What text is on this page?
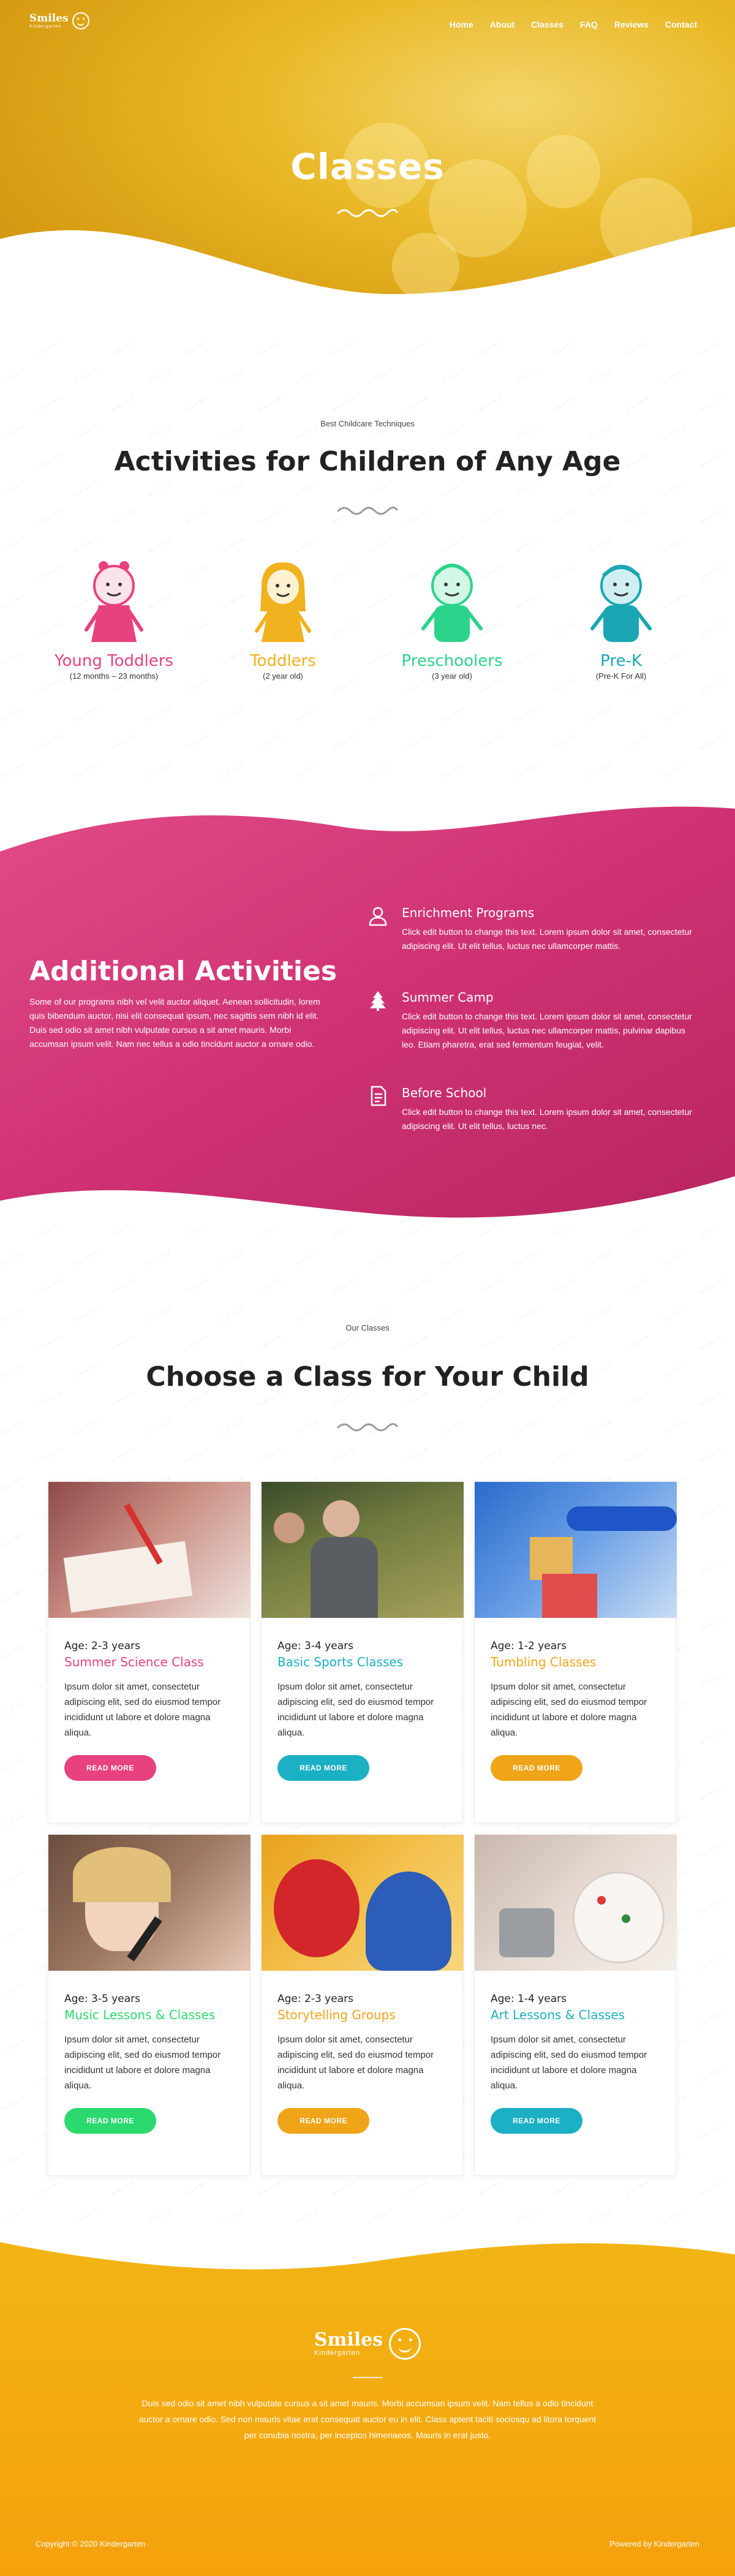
Smiles
Kindergarten	Home About Classes FAQ Reviews Contact
Classes
Best Childcare Techniques
Activities for Children of Any Age
Young Toddlers
(12 months – 23 months)
Toddlers
(2 year old)
Preschoolers
(3 year old)
Pre-K
(Pre-K For All)
Additional Activities

Some of our programs nibh vel velit auctor aliquet. Aenean sollicitudin, lorem quis bibendum auctor, nisi elit consequat ipsum, nec sagittis sem nibh id elit. Duis sed odio sit amet nibh vulputate cursus a sit amet mauris. Morbi accumsan ipsum velit. Nam nec tellus a odio tincidunt auctor a ornare odio.

Enrichment Programs
Click edit button to change this text. Lorem ipsum dolor sit amet, consectetur adipiscing elit. Ut elit tellus, luctus nec ullamcorper mattis.
Summer Camp
Click edit button to change this text. Lorem ipsum dolor sit amet, consectetur adipiscing elit. Ut elit tellus, luctus nec ullamcorper mattis, pulvinar dapibus leo. Etiam pharetra, erat sed fermentum feugiat, velit.
Before School
Click edit button to change this text. Lorem ipsum dolor sit amet, consectetur adipiscing elit. Ut elit tellus, luctus nec.
Our Classes
Choose a Class for Your Child
Age: 2-3 years
Summer Science Class
Ipsum dolor sit amet, consectetur adipiscing elit, sed do eiusmod tempor incididunt ut labore et dolore magna aliqua.
READ MORE
Age: 3-4 years
Basic Sports Classes
Ipsum dolor sit amet, consectetur adipiscing elit, sed do eiusmod tempor incididunt ut labore et dolore magna aliqua.
READ MORE
Age: 1-2 years
Tumbling Classes
Ipsum dolor sit amet, consectetur adipiscing elit, sed do eiusmod tempor incididunt ut labore et dolore magna aliqua.
READ MORE
Age: 3-5 years
Music Lessons & Classes
Ipsum dolor sit amet, consectetur adipiscing elit, sed do eiusmod tempor incididunt ut labore et dolore magna aliqua.
READ MORE
Age: 2-3 years
Storytelling Groups
Ipsum dolor sit amet, consectetur adipiscing elit, sed do eiusmod tempor incididunt ut labore et dolore magna aliqua.
READ MORE
Age: 1-4 years
Art Lessons & Classes
Ipsum dolor sit amet, consectetur adipiscing elit, sed do eiusmod tempor incididunt ut labore et dolore magna aliqua.
READ MORE
Smiles
Kindergarten

Duis sed odio sit amet nibh vulputate cursus a sit amet mauris. Morbi accumsan ipsum velit. Nam tellus a odio tincidunt auctor a ornare odio. Sed non mauris vitae erat consequat auctor eu in elit. Class aptent taciti sociosqu ad litora torquent per conubia nostra, per inceptos himenaeos. Mauris in erat justo.

Copyright © 2020 Kindergarten	Powered by Kindergarten
